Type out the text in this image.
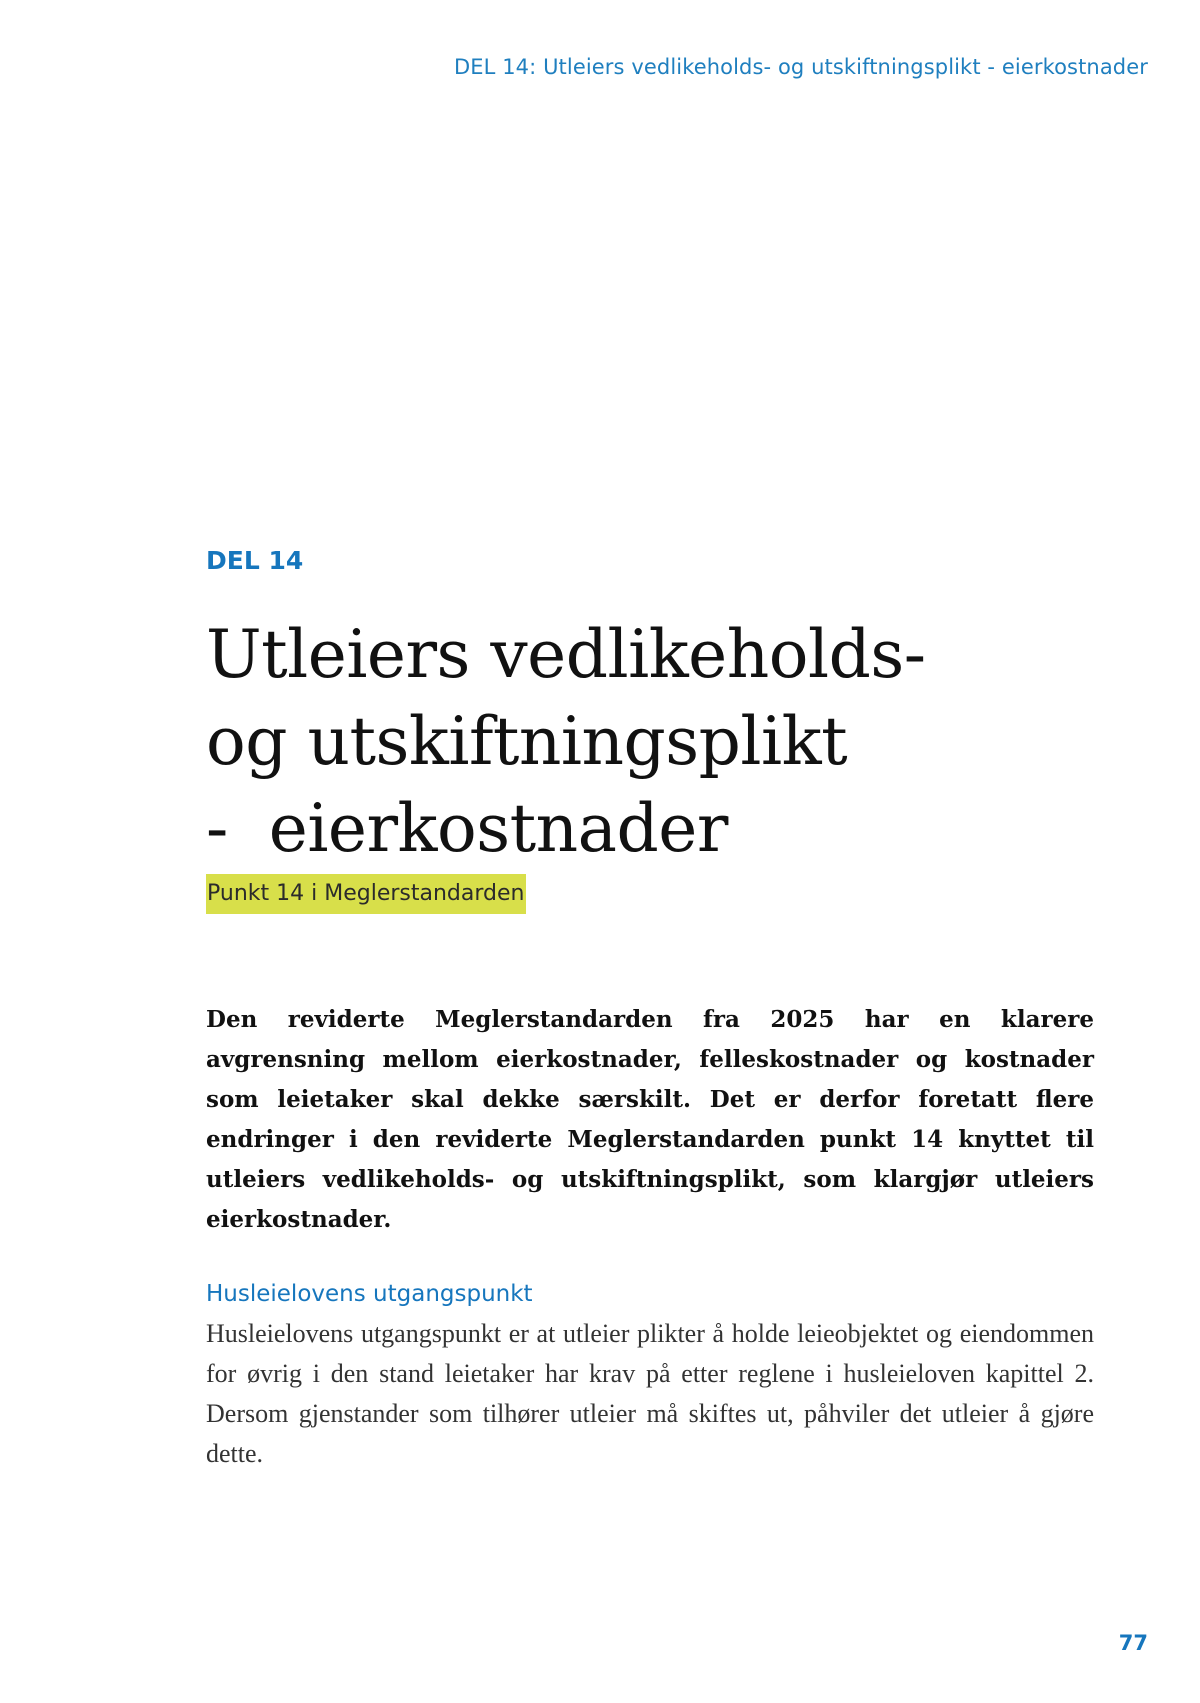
DEL 14: Utleiers vedlikeholds- og utskiftningsplikt - eierkostnader

DEL 14

Utleiers vedlikeholds-
og utskiftningsplikt
-  eierkostnader
Punkt 14 i Meglerstandarden

Den reviderte Meglerstandarden fra 2025 har en klarere avgrensning mellom eierkostnader, felleskostnader og kostnader som leietaker skal dekke særskilt. Det er derfor foretatt flere endringer i den reviderte Meglerstandarden punkt 14 knyttet til utleiers vedlikeholds- og utskiftningsplikt, som klargjør utleiers eierkostnader.

Husleielovens utgangspunkt

Husleielovens utgangspunkt er at utleier plikter å holde leieobjektet og eiendommen for øvrig i den stand leietaker har krav på etter reglene i husleieloven kapittel 2. Dersom gjenstander som tilhører utleier må skiftes ut, påhviler det utleier å gjøre dette.

77
